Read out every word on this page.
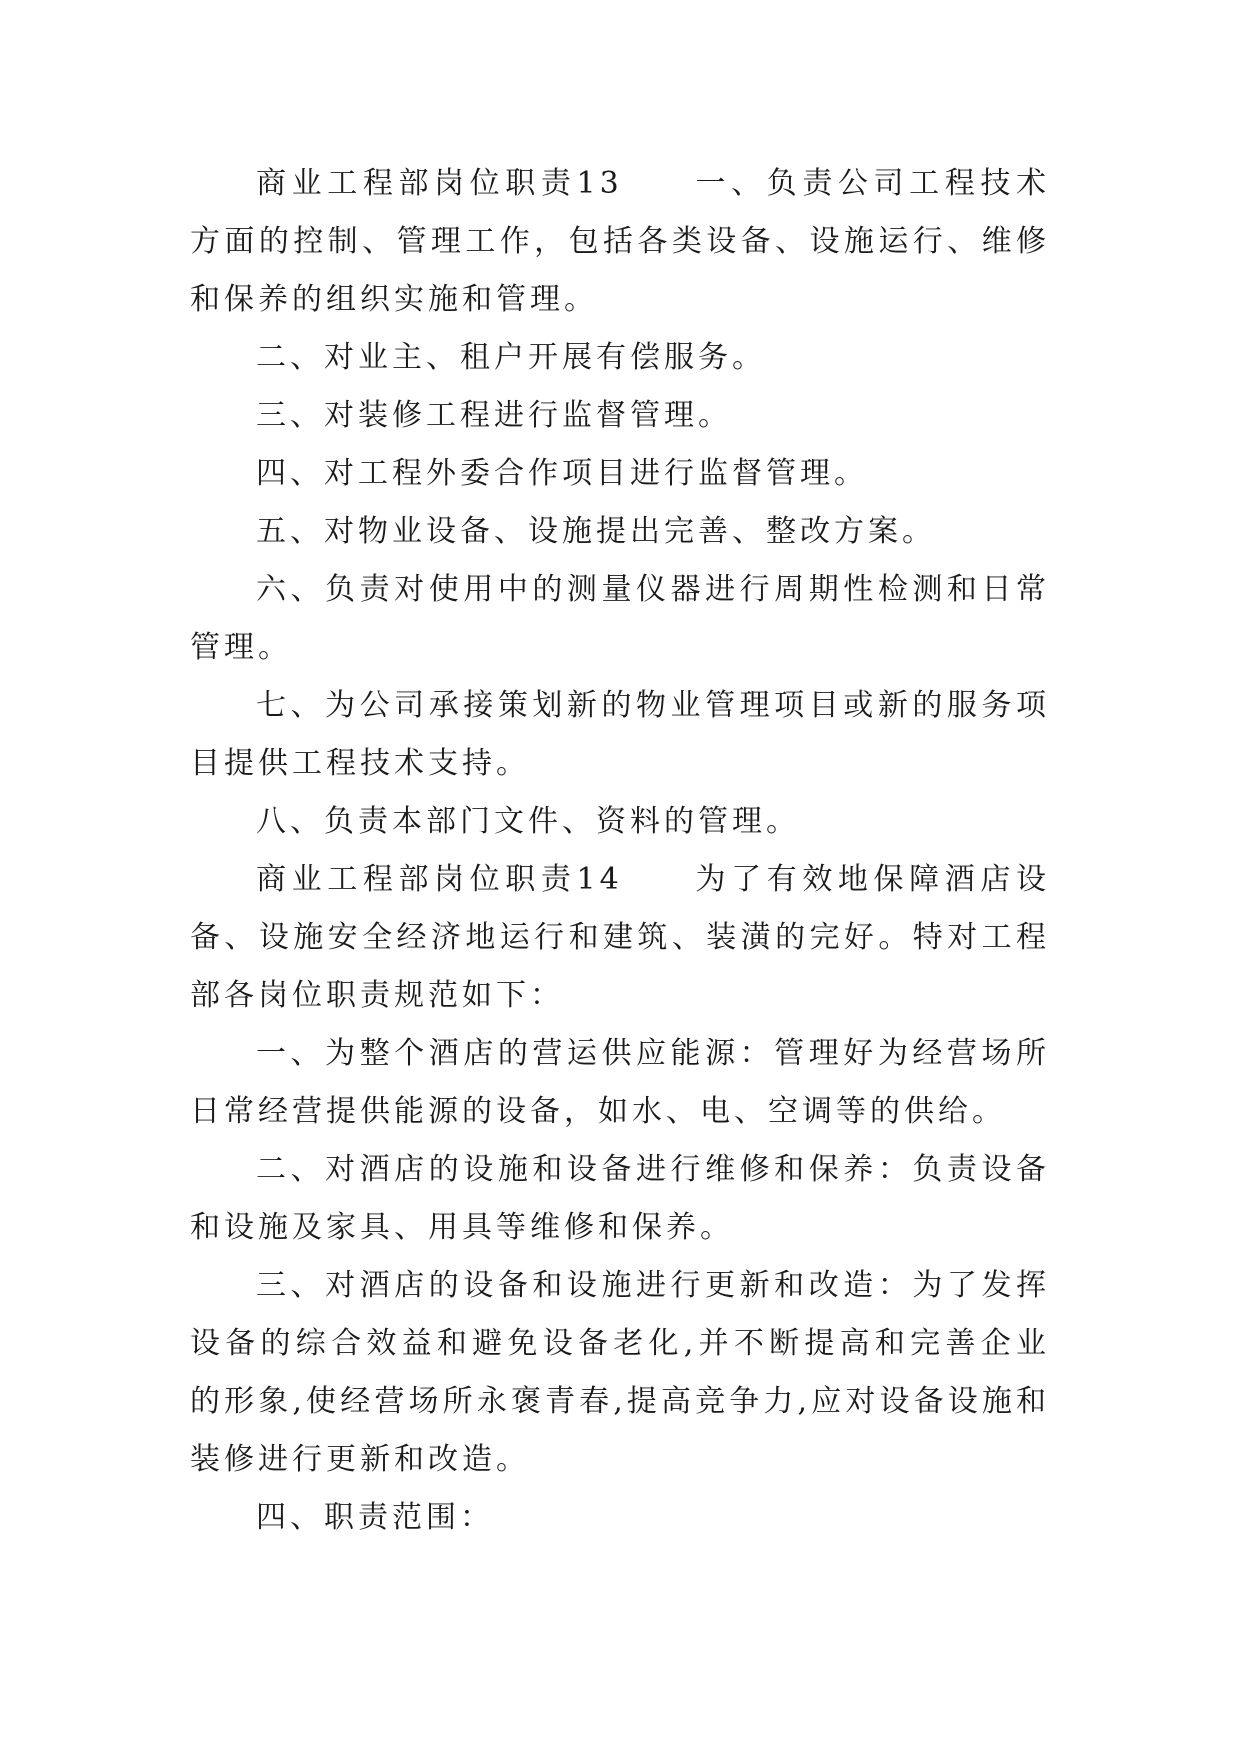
商业工程部岗位职责13　　一、负责公司工程技术方面的控制、管理工作，包括各类设备、设施运行、维修和保养的组织实施和管理。

二、对业主、租户开展有偿服务。

三、对装修工程进行监督管理。

四、对工程外委合作项目进行监督管理。

五、对物业设备、设施提出完善、整改方案。

六、负责对使用中的测量仪器进行周期性检测和日常管理。

七、为公司承接策划新的物业管理项目或新的服务项目提供工程技术支持。

八、负责本部门文件、资料的管理。

商业工程部岗位职责14　　为了有效地保障酒店设备、设施安全经济地运行和建筑、装潢的完好。特对工程部各岗位职责规范如下：

一、为整个酒店的营运供应能源：管理好为经营场所日常经营提供能源的设备，如水、电、空调等的供给。

二、对酒店的设施和设备进行维修和保养：负责设备和设施及家具、用具等维修和保养。

三、对酒店的设备和设施进行更新和改造：为了发挥设备的综合效益和避免设备老化,并不断提高和完善企业的形象,使经营场所永褒青春,提高竞争力,应对设备设施和装修进行更新和改造。

四、职责范围：
